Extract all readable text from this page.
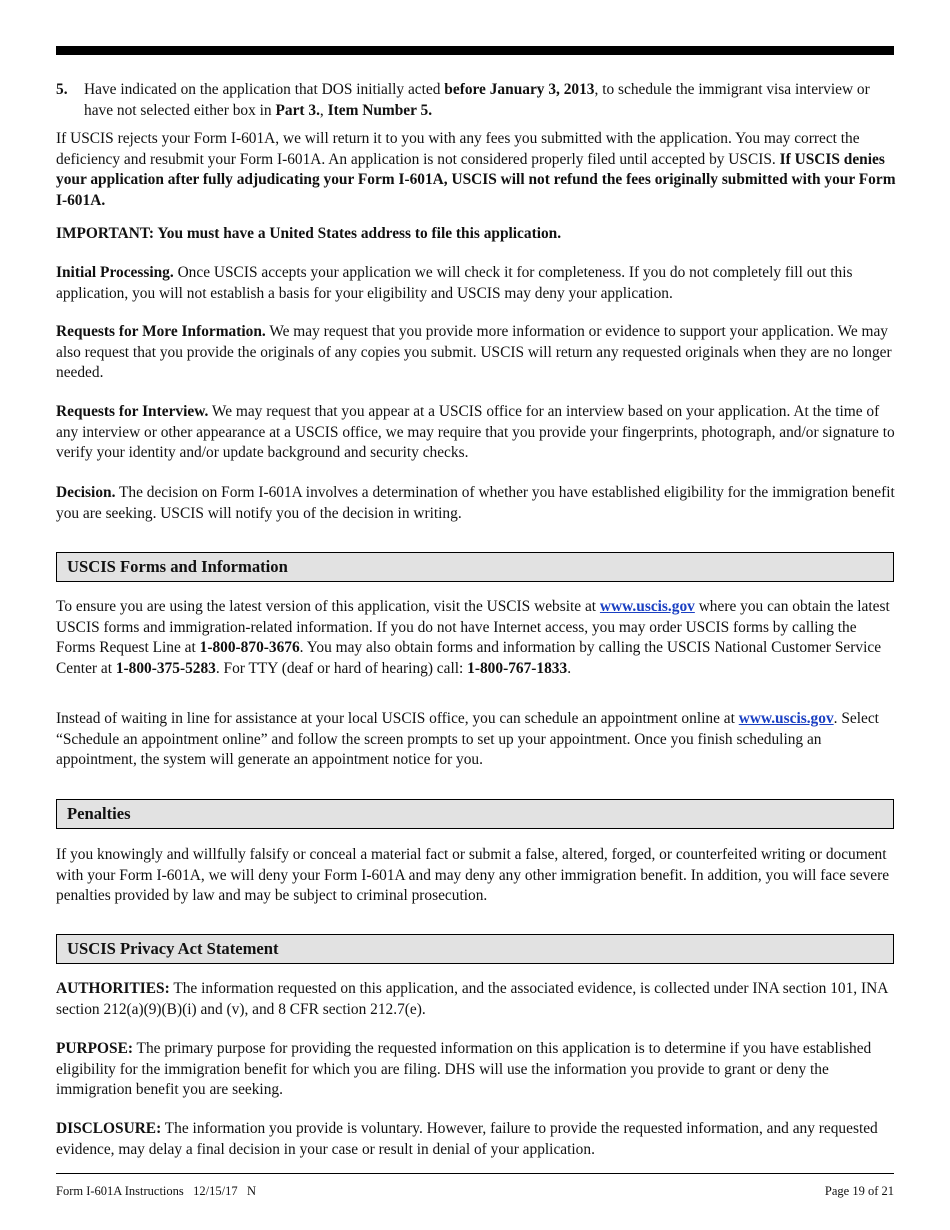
5.	Have indicated on the application that DOS initially acted before January 3, 2013, to schedule the immigrant visa interview or have not selected either box in Part 3., Item Number 5.

If USCIS rejects your Form I-601A, we will return it to you with any fees you submitted with the application. You may correct the deficiency and resubmit your Form I-601A. An application is not considered properly filed until accepted by USCIS. If USCIS denies your application after fully adjudicating your Form I-601A, USCIS will not refund the fees originally submitted with your Form I-601A.

IMPORTANT: You must have a United States address to file this application.

Initial Processing. Once USCIS accepts your application we will check it for completeness. If you do not completely fill out this application, you will not establish a basis for your eligibility and USCIS may deny your application.

Requests for More Information. We may request that you provide more information or evidence to support your application. We may also request that you provide the originals of any copies you submit. USCIS will return any requested originals when they are no longer needed.

Requests for Interview. We may request that you appear at a USCIS office for an interview based on your application. At the time of any interview or other appearance at a USCIS office, we may require that you provide your fingerprints, photograph, and/or signature to verify your identity and/or update background and security checks.

Decision. The decision on Form I-601A involves a determination of whether you have established eligibility for the immigration benefit you are seeking. USCIS will notify you of the decision in writing.

USCIS Forms and Information

To ensure you are using the latest version of this application, visit the USCIS website at www.uscis.gov where you can obtain the latest USCIS forms and immigration-related information. If you do not have Internet access, you may order USCIS forms by calling the Forms Request Line at 1-800-870-3676. You may also obtain forms and information by calling the USCIS National Customer Service Center at 1-800-375-5283. For TTY (deaf or hard of hearing) call: 1-800-767-1833.

Instead of waiting in line for assistance at your local USCIS office, you can schedule an appointment online at www.uscis.gov. Select “Schedule an appointment online” and follow the screen prompts to set up your appointment. Once you finish scheduling an appointment, the system will generate an appointment notice for you.

Penalties

If you knowingly and willfully falsify or conceal a material fact or submit a false, altered, forged, or counterfeited writing or document with your Form I-601A, we will deny your Form I-601A and may deny any other immigration benefit. In addition, you will face severe penalties provided by law and may be subject to criminal prosecution.

USCIS Privacy Act Statement

AUTHORITIES: The information requested on this application, and the associated evidence, is collected under INA section 101, INA section 212(a)(9)(B)(i) and (v), and 8 CFR section 212.7(e).

PURPOSE: The primary purpose for providing the requested information on this application is to determine if you have established eligibility for the immigration benefit for which you are filing. DHS will use the information you provide to grant or deny the immigration benefit you are seeking.

DISCLOSURE: The information you provide is voluntary. However, failure to provide the requested information, and any requested evidence, may delay a final decision in your case or result in denial of your application.

Form I-601A Instructions 12/15/17 N	Page 19 of 21
